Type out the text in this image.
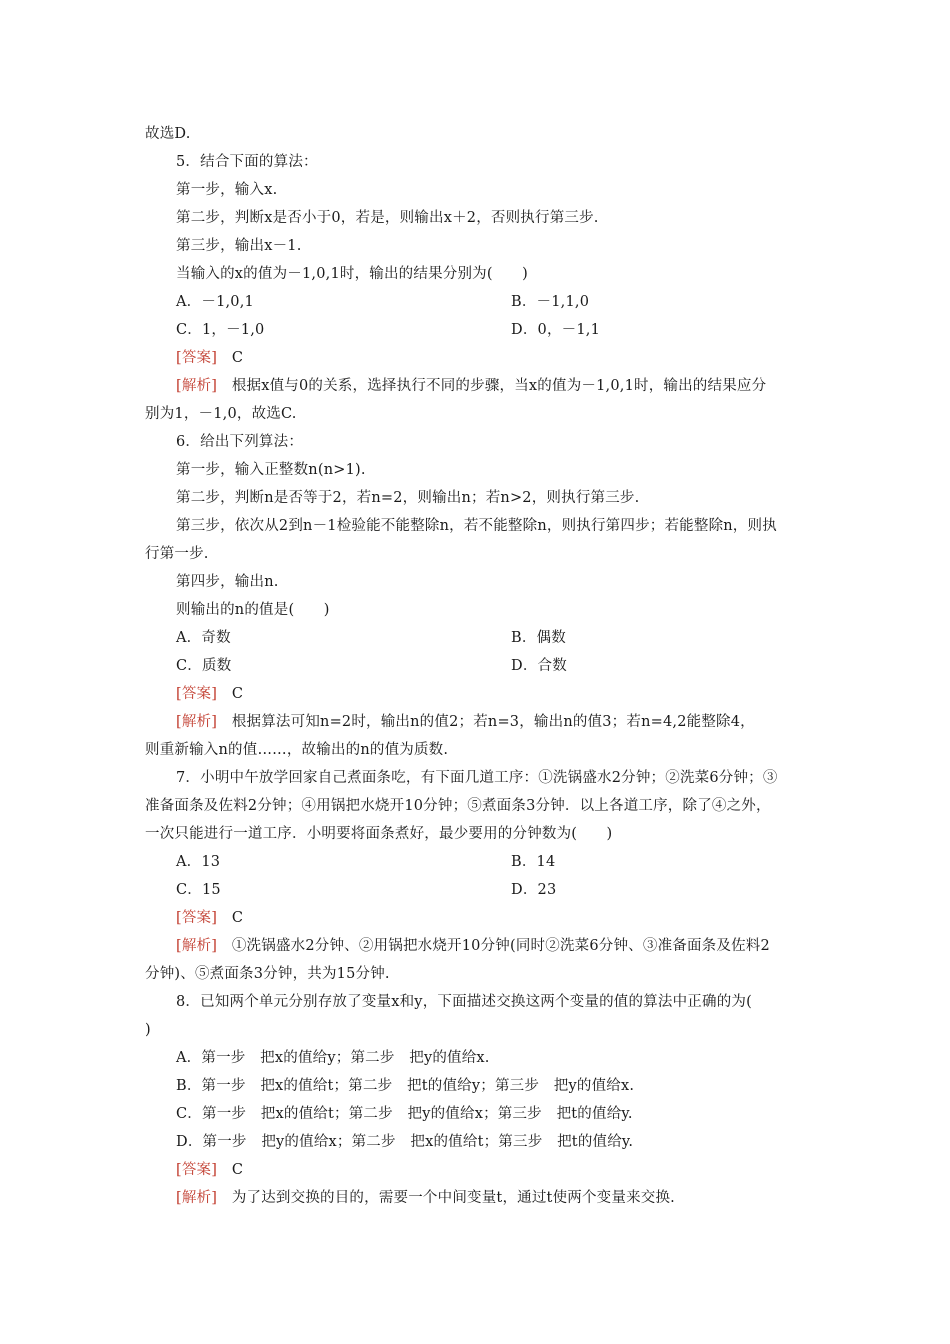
故选D.
5．结合下面的算法：
第一步，输入x.
第二步，判断x是否小于0，若是，则输出x＋2，否则执行第三步.
第三步，输出x－1.
当输入的x的值为－1,0,1时，输出的结果分别为(　　)
A．－1,0,1	B．－1,1,0
C．1，－1,0	D．0，－1,1
[答案]　C
[解析]　根据x值与0的关系，选择执行不同的步骤，当x的值为－1,0,1时，输出的结果应分
别为1，－1,0，故选C.
6．给出下列算法：
第一步，输入正整数n(n>1).
第二步，判断n是否等于2，若n=2，则输出n；若n>2，则执行第三步.
第三步，依次从2到n－1检验能不能整除n，若不能整除n，则执行第四步；若能整除n，则执
行第一步.
第四步，输出n.
则输出的n的值是(　　)
A．奇数	B．偶数
C．质数	D．合数
[答案]　C
[解析]　根据算法可知n=2时，输出n的值2；若n=3，输出n的值3；若n=4,2能整除4，
则重新输入n的值……，故输出的n的值为质数.
7．小明中午放学回家自己煮面条吃，有下面几道工序：①洗锅盛水2分钟；②洗菜6分钟；③
准备面条及佐料2分钟；④用锅把水烧开10分钟；⑤煮面条3分钟．以上各道工序，除了④之外，
一次只能进行一道工序．小明要将面条煮好，最少要用的分钟数为(　　)
A．13	B．14
C．15	D．23
[答案]　C
[解析]　①洗锅盛水2分钟、②用锅把水烧开10分钟(同时②洗菜6分钟、③准备面条及佐料2
分钟)、⑤煮面条3分钟，共为15分钟.
8．已知两个单元分别存放了变量x和y，下面描述交换这两个变量的值的算法中正确的为(
)
A．第一步　把x的值给y；第二步　把y的值给x.
B．第一步　把x的值给t；第二步　把t的值给y；第三步　把y的值给x.
C．第一步　把x的值给t；第二步　把y的值给x；第三步　把t的值给y.
D．第一步　把y的值给x；第二步　把x的值给t；第三步　把t的值给y.
[答案]　C
[解析]　为了达到交换的目的，需要一个中间变量t，通过t使两个变量来交换.
